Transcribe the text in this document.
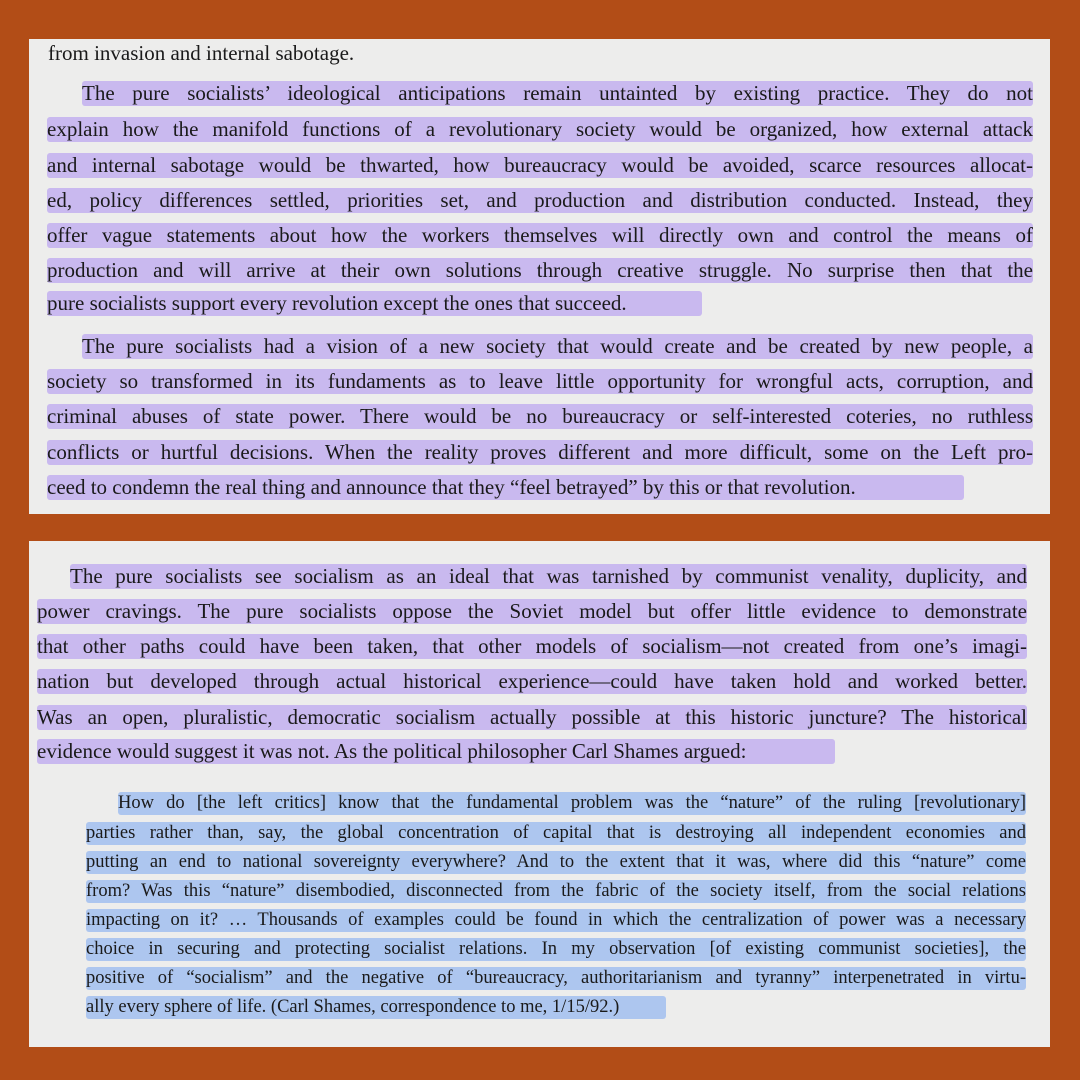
from invasion and internal sabotage.
The pure socialists’ ideological anticipations remain untainted by existing practice. They do not
explain how the manifold functions of a revolutionary society would be organized, how external attack
and internal sabotage would be thwarted, how bureaucracy would be avoided, scarce resources allocat-
ed, policy differences settled, priorities set, and production and distribution conducted. Instead, they
offer vague statements about how the workers themselves will directly own and control the means of
production and will arrive at their own solutions through creative struggle. No surprise then that the
pure socialists support every revolution except the ones that succeed.
The pure socialists had a vision of a new society that would create and be created by new people, a
society so transformed in its fundaments as to leave little opportunity for wrongful acts, corruption, and
criminal abuses of state power. There would be no bureaucracy or self-interested coteries, no ruthless
conflicts or hurtful decisions. When the reality proves different and more difficult, some on the Left pro-
ceed to condemn the real thing and announce that they “feel betrayed” by this or that revolution.
The pure socialists see socialism as an ideal that was tarnished by communist venality, duplicity, and
power cravings. The pure socialists oppose the Soviet model but offer little evidence to demonstrate
that other paths could have been taken, that other models of socialism—not created from one’s imagi-
nation but developed through actual historical experience—could have taken hold and worked better.
Was an open, pluralistic, democratic socialism actually possible at this historic juncture? The historical
evidence would suggest it was not. As the political philosopher Carl Shames argued:
How do [the left critics] know that the fundamental problem was the “nature” of the ruling [revolutionary]
parties rather than, say, the global concentration of capital that is destroying all independent economies and
putting an end to national sovereignty everywhere? And to the extent that it was, where did this “nature” come
from? Was this “nature” disembodied, disconnected from the fabric of the society itself, from the social relations
impacting on it? … Thousands of examples could be found in which the centralization of power was a necessary
choice in securing and protecting socialist relations. In my observation [of existing communist societies], the
positive of “socialism” and the negative of “bureaucracy, authoritarianism and tyranny” interpenetrated in virtu-
ally every sphere of life. (Carl Shames, correspondence to me, 1/15/92.)
